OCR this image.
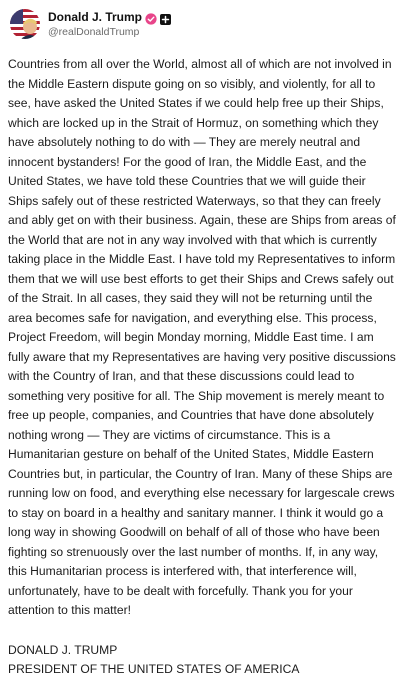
Donald J. Trump
@realDonaldTrump
Countries from all over the World, almost all of which are not involved in the Middle Eastern dispute going on so visibly, and violently, for all to see, have asked the United States if we could help free up their Ships, which are locked up in the Strait of Hormuz, on something which they have absolutely nothing to do with — They are merely neutral and innocent bystanders! For the good of Iran, the Middle East, and the United States, we have told these Countries that we will guide their Ships safely out of these restricted Waterways, so that they can freely and ably get on with their business. Again, these are Ships from areas of the World that are not in any way involved with that which is currently taking place in the Middle East. I have told my Representatives to inform them that we will use best efforts to get their Ships and Crews safely out of the Strait. In all cases, they said they will not be returning until the area becomes safe for navigation, and everything else. This process, Project Freedom, will begin Monday morning, Middle East time. I am fully aware that my Representatives are having very positive discussions with the Country of Iran, and that these discussions could lead to something very positive for all. The Ship movement is merely meant to free up people, companies, and Countries that have done absolutely nothing wrong — They are victims of circumstance. This is a Humanitarian gesture on behalf of the United States, Middle Eastern Countries but, in particular, the Country of Iran. Many of these Ships are running low on food, and everything else necessary for largescale crews to stay on board in a healthy and sanitary manner. I think it would go a long way in showing Goodwill on behalf of all of those who have been fighting so strenuously over the last number of months. If, in any way, this Humanitarian process is interfered with, that interference will, unfortunately, have to be dealt with forcefully. Thank you for your attention to this matter!
DONALD J. TRUMP
PRESIDENT OF THE UNITED STATES OF AMERICA
